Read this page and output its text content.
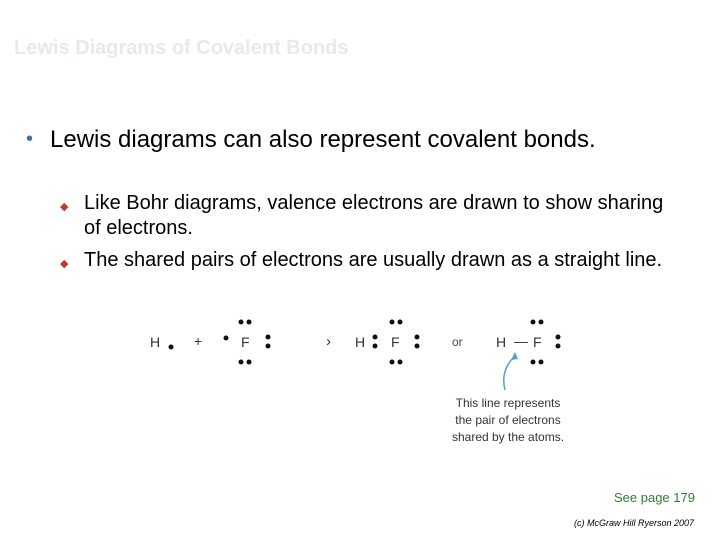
Lewis Diagrams of Covalent Bonds
• Lewis diagrams can also represent covalent bonds.
◆ Like Bohr diagrams, valence electrons are drawn to show sharing of electrons.
◆ The shared pairs of electrons are usually drawn as a straight line.
H +	F	› H F	or H — F
This line represents
the pair of electrons
shared by the atoms.
See page 179
(c) McGraw Hill Ryerson 2007
